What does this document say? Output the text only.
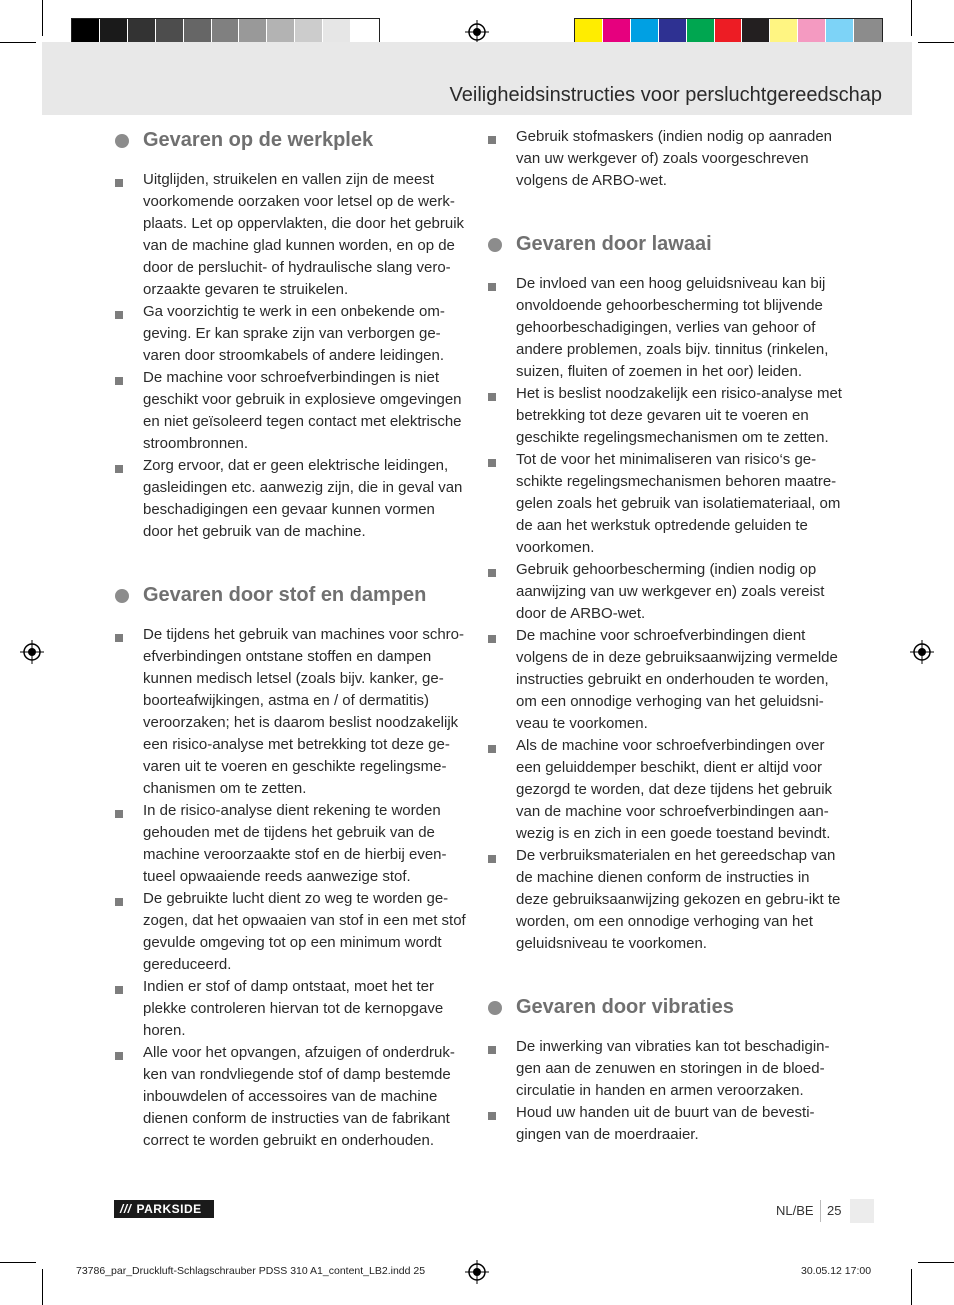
Veiligheidsinstructies voor persluchtgereedschap
Gevaren op de werkplek
Uitglijden, struikelen en vallen zijn de meest voorkomende oorzaken voor letsel op de werk-plaats. Let op oppervlakten, die door het gebruik van de machine glad kunnen worden, en op de door de persluchit- of hydraulische slang vero-orzaakte gevaren te struikelen.
Ga voorzichtig te werk in een onbekende om-geving. Er kan sprake zijn van verborgen ge-varen door stroomkabels of andere leidingen.
De machine voor schroefverbindingen is niet geschikt voor gebruik in explosieve omgevingen en niet geïsoleerd tegen contact met elektrische stroombronnen.
Zorg ervoor, dat er geen elektrische leidingen, gasleidingen etc. aanwezig zijn, die in geval van beschadigingen een gevaar kunnen vormen door het gebruik van de machine.
Gevaren door stof en dampen
De tijdens het gebruik van machines voor schro-efverbindingen ontstane stoffen en dampen kunnen medisch letsel (zoals bijv. kanker, ge-boorteafwijkingen, astma en / of dermatitis) veroorzaken; het is daarom beslist noodzakelijk een risico-analyse met betrekking tot deze ge-varen uit te voeren en geschikte regelingsme-chanismen om te zetten.
In de risico-analyse dient rekening te worden gehouden met de tijdens het gebruik van de machine veroorzaakte stof en de hierbij even-tueel opwaaiende reeds aanwezige stof.
De gebruikte lucht dient zo weg te worden ge-zogen, dat het opwaaien van stof in een met stof gevulde omgeving tot op een minimum wordt gereduceerd.
Indien er stof of damp ontstaat, moet het ter plekke controleren hiervan tot de kernopgave horen.
Alle voor het opvangen, afzuigen of onderdruk-ken van rondvliegende stof of damp bestemde inbouwdelen of accessoires van de machine dienen conform de instructies van de fabrikant correct te worden gebruikt en onderhouden.
Gebruik stofmaskers (indien nodig op aanraden van uw werkgever of) zoals voorgeschreven volgens de ARBO-wet.
Gevaren door lawaai
De invloed van een hoog geluidsniveau kan bij onvoldoende gehoorbescherming tot blijvende gehoorbeschadigingen, verlies van gehoor of andere problemen, zoals bijv. tinnitus (rinkelen, suizen, fluiten of zoemen in het oor) leiden.
Het is beslist noodzakelijk een risico-analyse met betrekking tot deze gevaren uit te voeren en geschikte regelingsmechanismen om te zetten.
Tot de voor het minimaliseren van risico‘s ge-schikte regelingsmechanismen behoren maatre-gelen zoals het gebruik van isolatiemateriaal, om de aan het werkstuk optredende geluiden te voorkomen.
Gebruik gehoorbescherming (indien nodig op aanwijzing van uw werkgever en) zoals vereist door de ARBO-wet.
De machine voor schroefverbindingen dient volgens de in deze gebruiksaanwijzing vermelde instructies gebruikt en onderhouden te worden, om een onnodige verhoging van het geluidsni-veau te voorkomen.
Als de machine voor schroefverbindingen over een geluiddemper beschikt, dient er altijd voor gezorgd te worden, dat deze tijdens het gebruik van de machine voor schroefverbindingen aan-wezig is en zich in een goede toestand bevindt.
De verbruiksmaterialen en het gereedschap van de machine dienen conform de instructies in deze gebruiksaanwijzing gekozen en gebru-ikt te worden, om een onnodige verhoging van het geluidsniveau te voorkomen.
Gevaren door vibraties
De inwerking van vibraties kan tot beschadigin-gen aan de zenuwen en storingen in de bloed-circulatie in handen en armen veroorzaken.
Houd uw handen uit de buurt van de bevesti-gingen van de moerdraaier.
/// PARKSIDE	NL/BE 25
73786_par_Druckluft-Schlagschrauber PDSS 310 A1_content_LB2.indd 25	30.05.12 17:00
